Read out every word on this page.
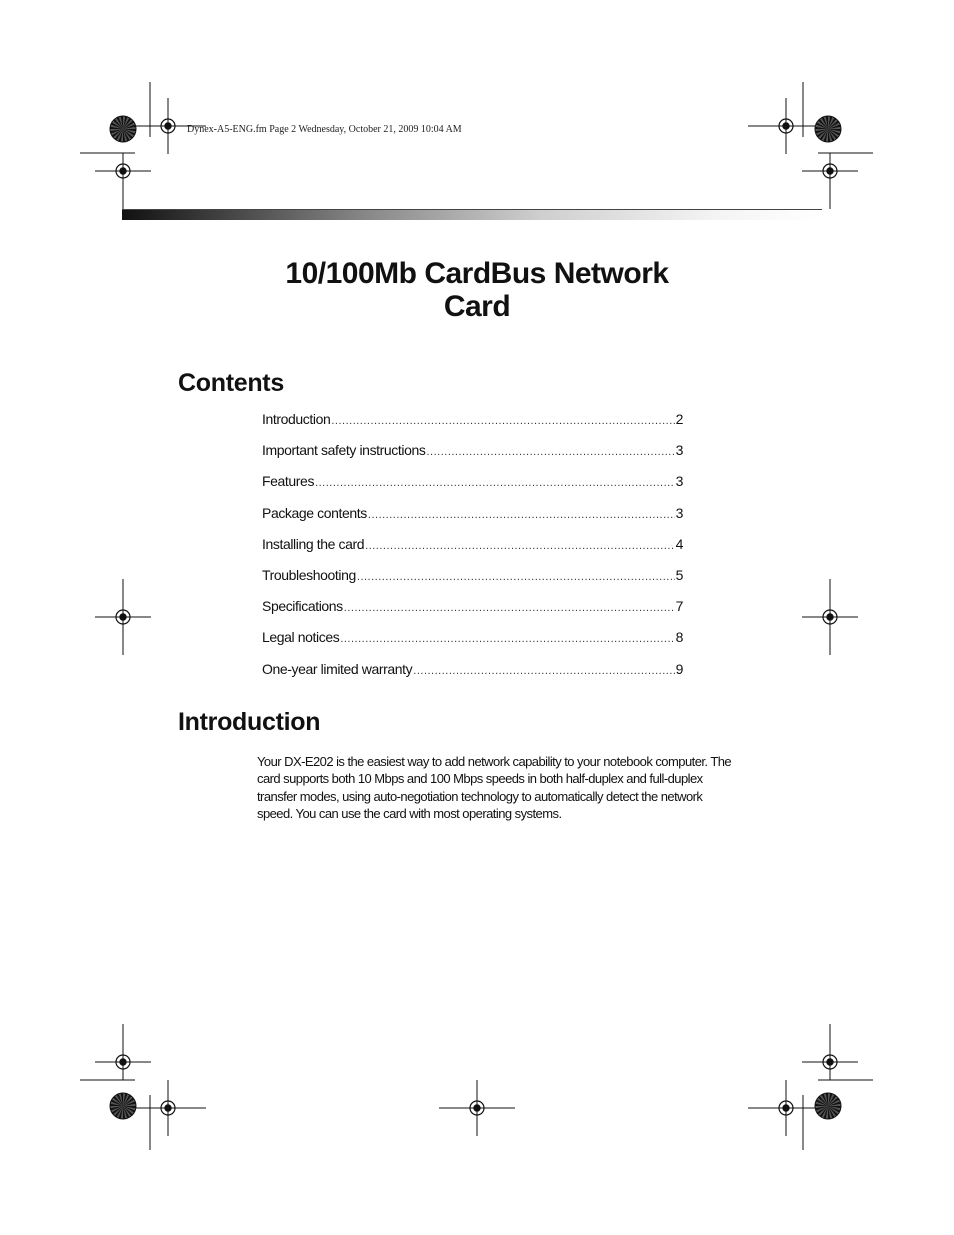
Dynex-A5-ENG.fm Page 2 Wednesday, October 21, 2009 10:04 AM
10/100Mb CardBus Network
Card
Contents
Introduction .....	2
Important safety instructions .....	3
Features .....	3
Package contents .....	3
Installing the card .....	4
Troubleshooting .....	5
Specifications .....	7
Legal notices .....	8
One-year limited warranty .....	9
Introduction
Your DX-E202 is the easiest way to add network capability to your notebook computer. The card supports both 10 Mbps and 100 Mbps speeds in both half-duplex and full-duplex transfer modes, using auto-negotiation technology to automatically detect the network speed. You can use the card with most operating systems.
